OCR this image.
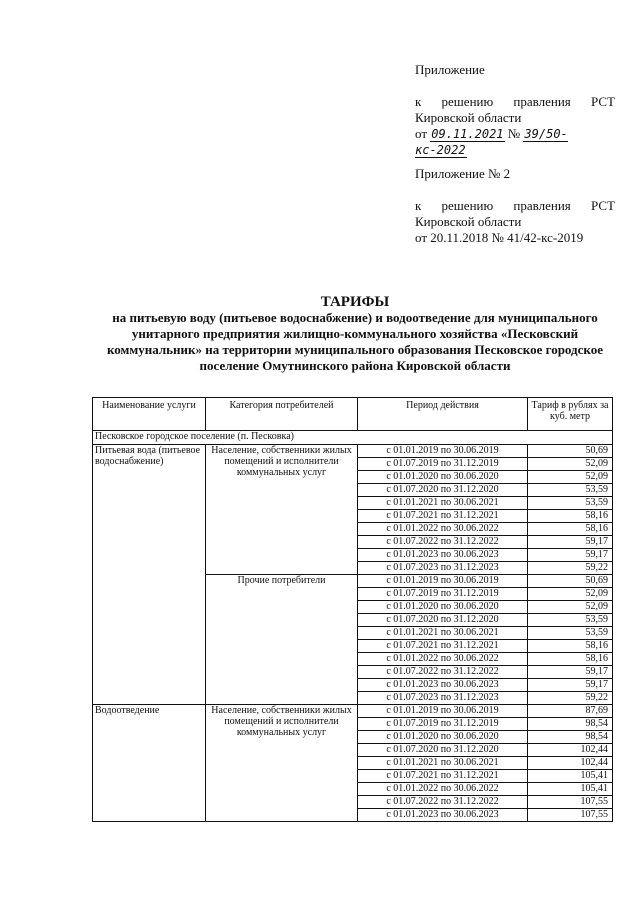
Приложение
к решению правления РСТ
Кировской области
от 09.11.2021 № 39/50-кс-2022
Приложение № 2
к решению правления РСТ
Кировской области
от 20.11.2018 № 41/42-кс-2019
ТАРИФЫ
на питьевую воду (питьевое водоснабжение) и водоотведение для муниципального унитарного предприятия жилищно-коммунального хозяйства «Песковский коммунальник» на территории муниципального образования Песковское городское поселение Омутнинского района Кировской области
Наименование услуги	Категория потребителей	Период действия	Тариф в рублях за куб. метр
Песковское городское поселение (п. Песковка)			
Питьевая вода (питьевое водоснабжение)	Население, собственники жилых помещений и исполнители коммунальных услуг	с 01.01.2019 по 30.06.2019	50,69
		с 01.07.2019 по 31.12.2019	52,09
		с 01.01.2020 по 30.06.2020	52,09
		с 01.07.2020 по 31.12.2020	53,59
		с 01.01.2021 по 30.06.2021	53,59
		с 01.07.2021 по 31.12.2021	58,16
		с 01.01.2022 по 30.06.2022	58,16
		с 01.07.2022 по 31.12.2022	59,17
		с 01.01.2023 по 30.06.2023	59,17
		с 01.07.2023 по 31.12.2023	59,22
	Прочие потребители	с 01.01.2019 по 30.06.2019	50,69
		с 01.07.2019 по 31.12.2019	52,09
		с 01.01.2020 по 30.06.2020	52,09
		с 01.07.2020 по 31.12.2020	53,59
		с 01.01.2021 по 30.06.2021	53,59
		с 01.07.2021 по 31.12.2021	58,16
		с 01.01.2022 по 30.06.2022	58,16
		с 01.07.2022 по 31.12.2022	59,17
		с 01.01.2023 по 30.06.2023	59,17
		с 01.07.2023 по 31.12.2023	59,22
Водоотведение	Население, собственники жилых помещений и исполнители коммунальных услуг	с 01.01.2019 по 30.06.2019	87,69
		с 01.07.2019 по 31.12.2019	98,54
		с 01.01.2020 по 30.06.2020	98,54
		с 01.07.2020 по 31.12.2020	102,44
		с 01.01.2021 по 30.06.2021	102,44
		с 01.07.2021 по 31.12.2021	105,41
		с 01.01.2022 по 30.06.2022	105,41
		с 01.07.2022 по 31.12.2022	107,55
		с 01.01.2023 по 30.06.2023	107,55
